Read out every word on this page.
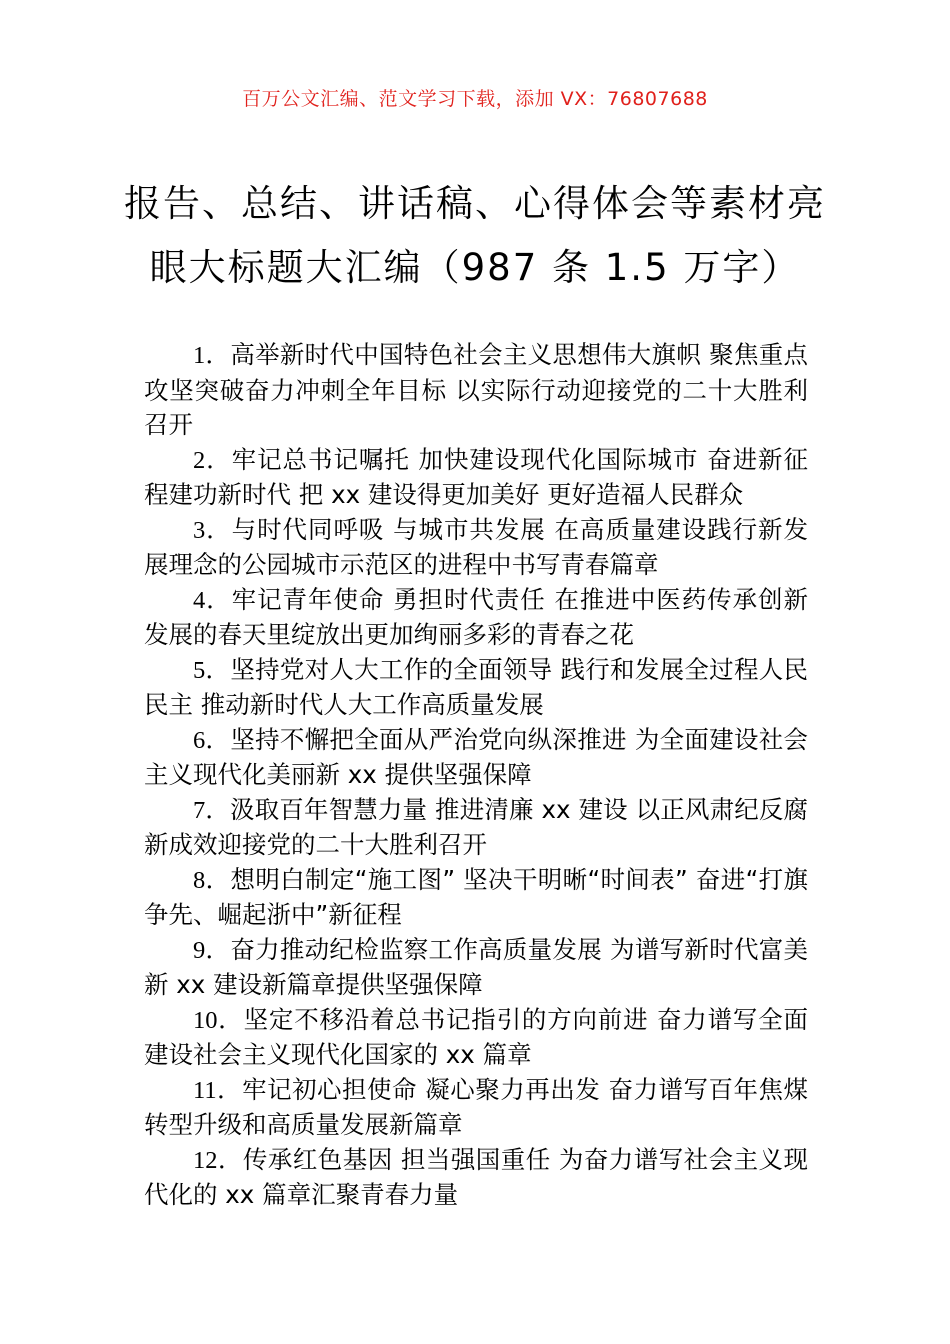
百万公文汇编、范文学习下载，添加 VX：76807688
报告、总结、讲话稿、心得体会等素材亮
眼大标题大汇编（987 条 1.5 万字）
1．高举新时代中国特色社会主义思想伟大旗帜 聚焦重点攻坚突破奋力冲刺全年目标 以实际行动迎接党的二十大胜利召开
2．牢记总书记嘱托 加快建设现代化国际城市 奋进新征程建功新时代 把 xx 建设得更加美好 更好造福人民群众
3．与时代同呼吸 与城市共发展 在高质量建设践行新发展理念的公园城市示范区的进程中书写青春篇章
4．牢记青年使命 勇担时代责任 在推进中医药传承创新发展的春天里绽放出更加绚丽多彩的青春之花
5．坚持党对人大工作的全面领导 践行和发展全过程人民民主 推动新时代人大工作高质量发展
6．坚持不懈把全面从严治党向纵深推进 为全面建设社会主义现代化美丽新 xx 提供坚强保障
7．汲取百年智慧力量 推进清廉 xx 建设 以正风肃纪反腐新成效迎接党的二十大胜利召开
8．想明白制定“施工图” 坚决干明晰“时间表” 奋进“打旗争先、崛起浙中”新征程
9．奋力推动纪检监察工作高质量发展 为谱写新时代富美新 xx 建设新篇章提供坚强保障
10．坚定不移沿着总书记指引的方向前进 奋力谱写全面建设社会主义现代化国家的 xx 篇章
11．牢记初心担使命 凝心聚力再出发 奋力谱写百年焦煤转型升级和高质量发展新篇章
12．传承红色基因 担当强国重任 为奋力谱写社会主义现代化的 xx 篇章汇聚青春力量
